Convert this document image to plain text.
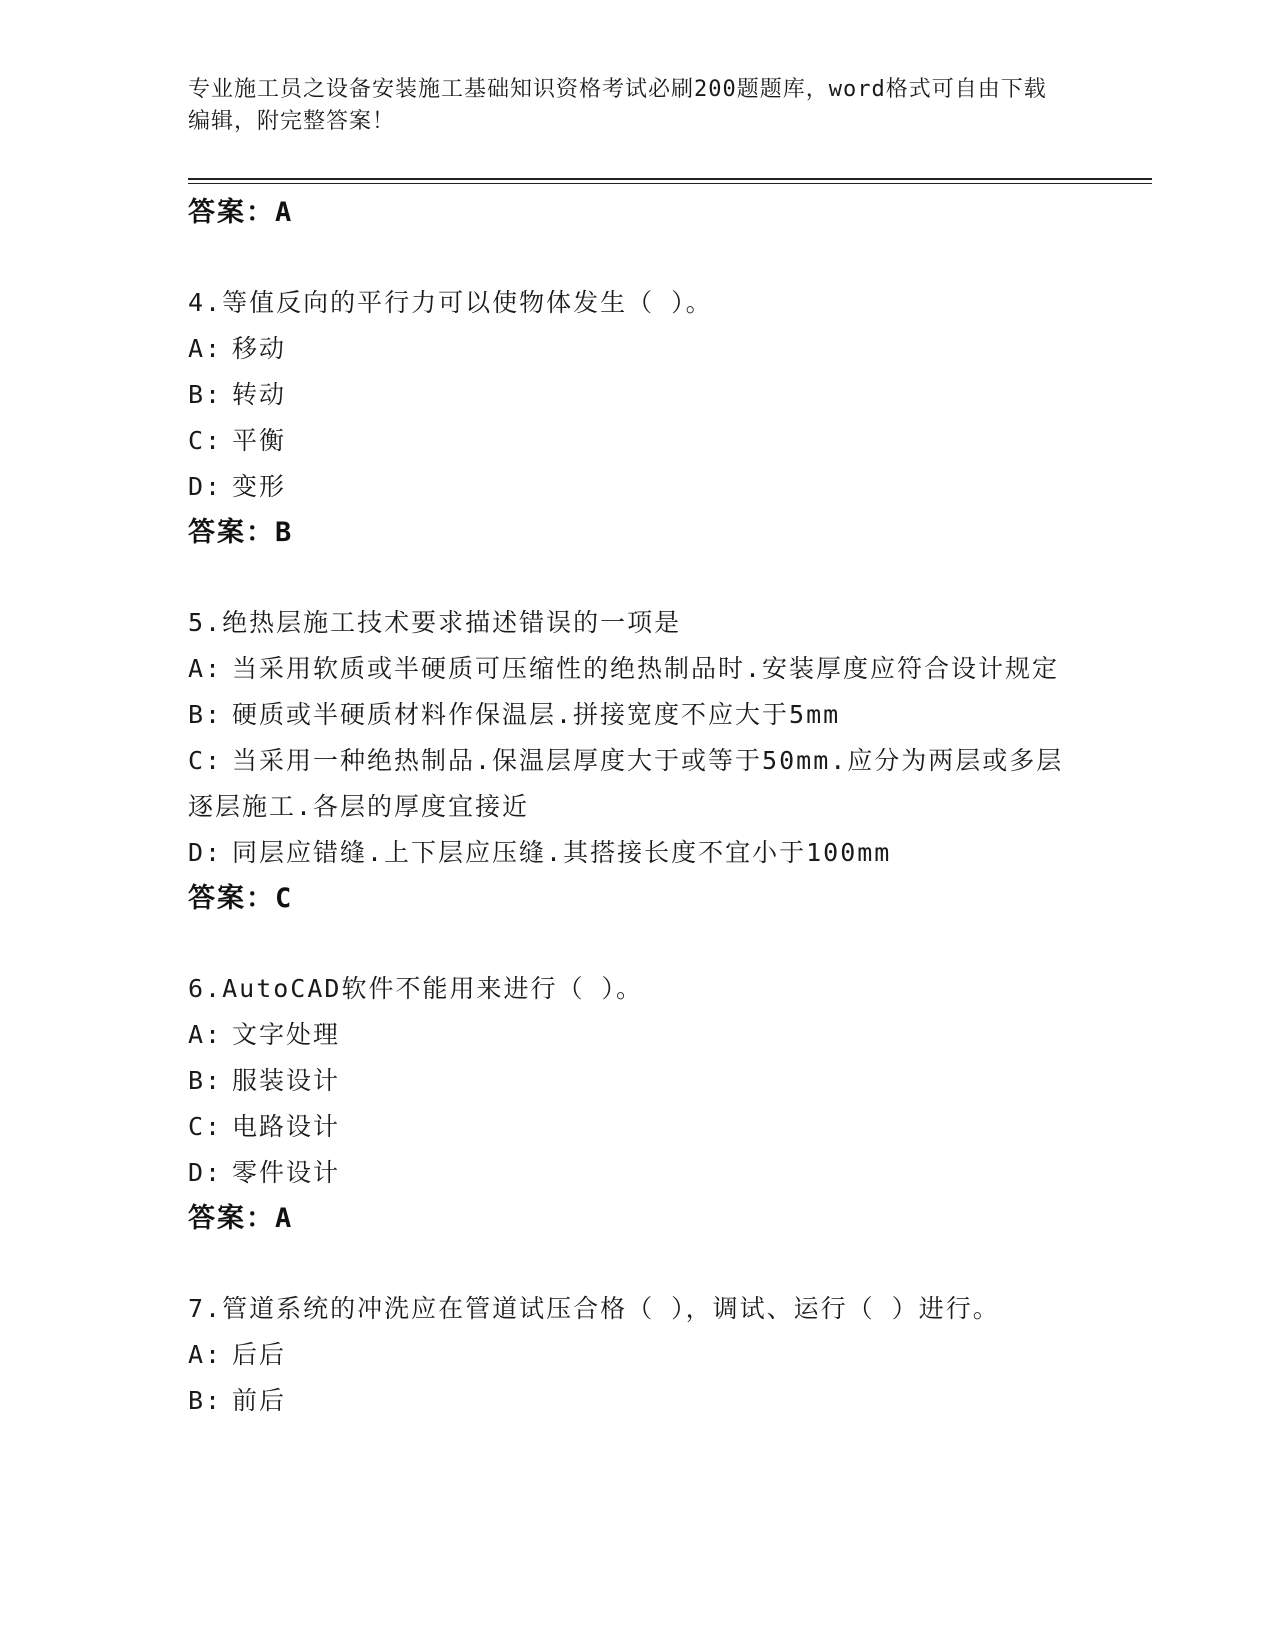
专业施工员之设备安装施工基础知识资格考试必刷200题题库，word格式可自由下载编辑，附完整答案！
答案：A
4.等值反向的平行力可以使物体发生（ ）。
A: 移动
B: 转动
C: 平衡
D: 变形
答案：B
5.绝热层施工技术要求描述错误的一项是
A: 当采用软质或半硬质可压缩性的绝热制品时.安装厚度应符合设计规定
B: 硬质或半硬质材料作保温层.拼接宽度不应大于5mm
C: 当采用一种绝热制品.保温层厚度大于或等于50mm.应分为两层或多层逐层施工.各层的厚度宜接近
D: 同层应错缝.上下层应压缝.其搭接长度不宜小于100mm
答案：C
6.AutoCAD软件不能用来进行（ ）。
A: 文字处理
B: 服装设计
C: 电路设计
D: 零件设计
答案：A
7.管道系统的冲洗应在管道试压合格（ ），调试、运行（ ）进行。
A: 后后
B: 前后
